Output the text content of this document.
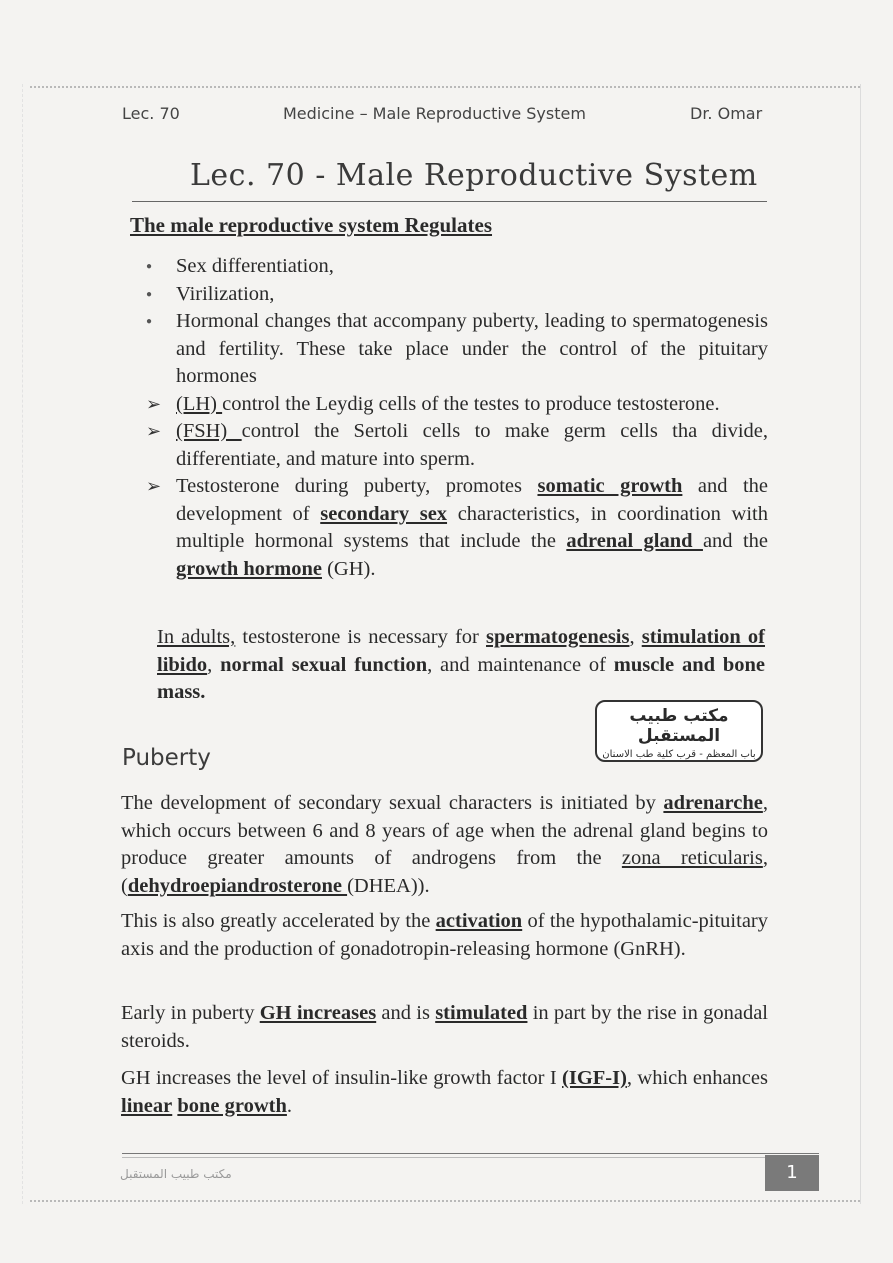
Lec. 70	Medicine – Male Reproductive System	Dr. Omar
Lec. 70 - Male Reproductive System
The male reproductive system Regulates
● Sex differentiation,
● Virilization,
● Hormonal changes that accompany puberty, leading to spermatogenesis and fertility. These take place under the control of the pituitary hormones
➢ (LH) control the Leydig cells of the testes to produce testosterone.
➢ (FSH) control the Sertoli cells to make germ cells tha divide, differentiate, and mature into sperm.
➢ Testosterone during puberty, promotes somatic growth and the development of secondary sex characteristics, in coordination with multiple hormonal systems that include the adrenal gland and the growth hormone (GH).
In adults, testosterone is necessary for spermatogenesis, stimulation of libido, normal sexual function, and maintenance of muscle and bone mass.
مكتب طبيب المستقبل
باب المعظم - قرب كلية طب الاسنان
Puberty
The development of secondary sexual characters is initiated by adrenarche, which occurs between 6 and 8 years of age when the adrenal gland begins to produce greater amounts of androgens from the zona reticularis, (dehydroepiandrosterone (DHEA)).
This is also greatly accelerated by the activation of the hypothalamic-pituitary axis and the production of gonadotropin-releasing hormone (GnRH).
Early in puberty GH increases and is stimulated in part by the rise in gonadal steroids.
GH increases the level of insulin-like growth factor I (IGF-I), which enhances linear bone growth.
مكتب طبيب المستقبل	1
